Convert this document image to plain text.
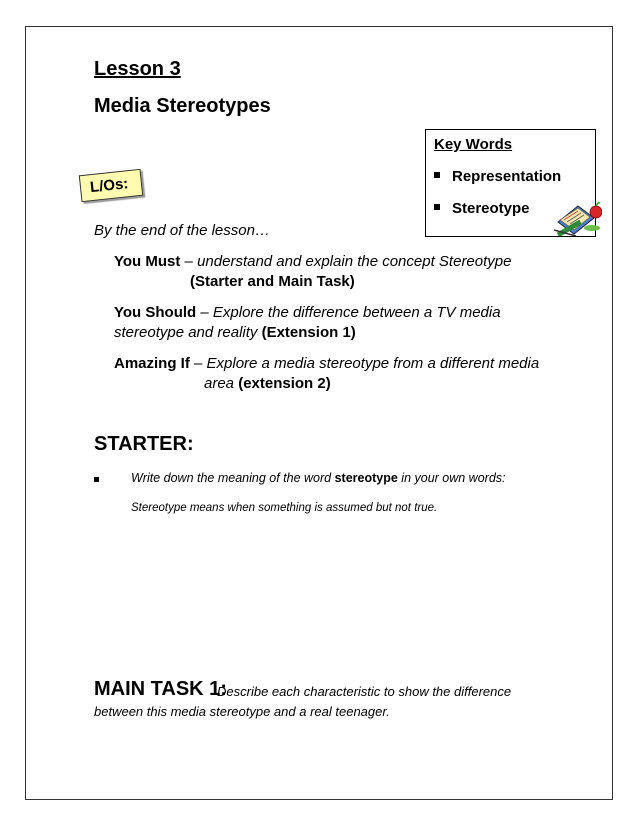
Lesson 3
Media Stereotypes
Key Words
Representation
Stereotype
L/Os:
By the end of the lesson…
You Must – understand and explain the concept Stereotype
(Starter and Main Task)
You Should – Explore the difference between a TV media
stereotype and reality (Extension 1)
Amazing If – Explore a media stereotype from a different media
area (extension 2)
STARTER:
Write down the meaning of the word stereotype in your own words:
Stereotype means when something is assumed but not true.
MAIN TASK 1:
Describe each characteristic to show the difference
between this media stereotype and a real teenager.
